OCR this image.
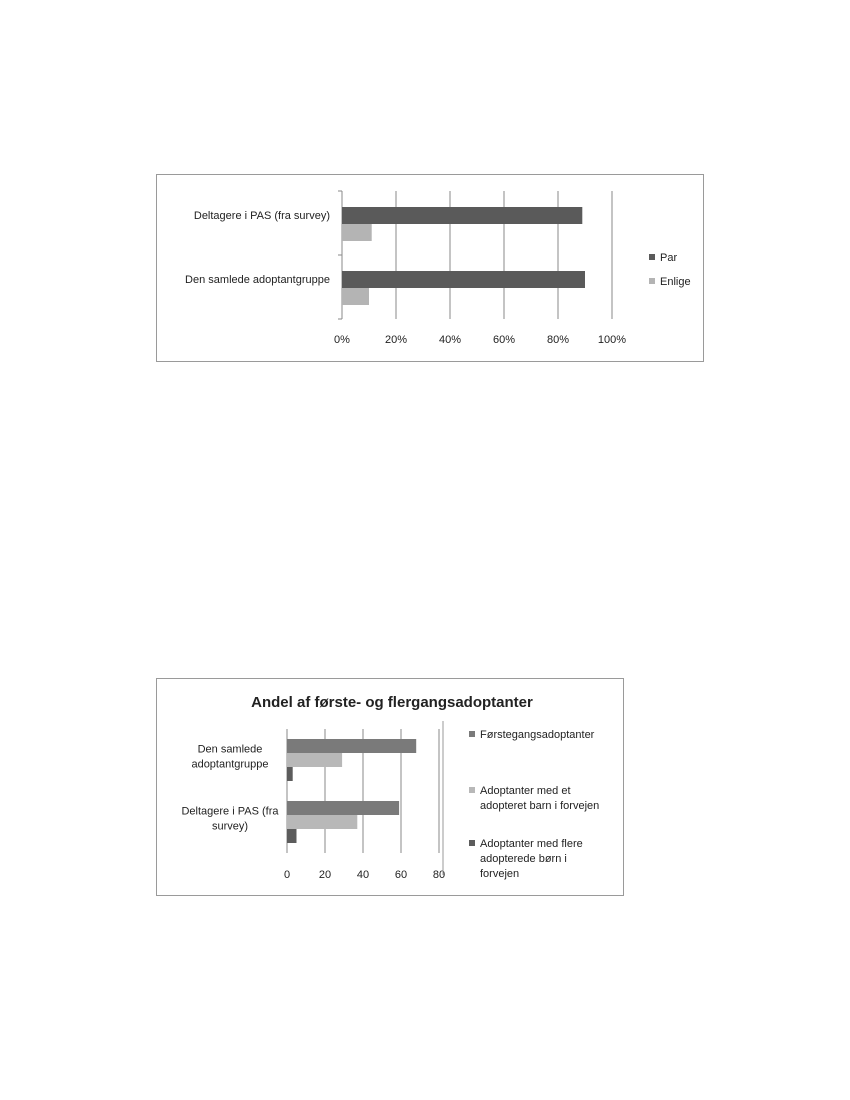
0%	20%	40%	60%	80%	100%
Deltagere i PAS (fra survey)
Den samlede adoptantgruppe
Par
Enlige
Andel af første- og flergangsadoptanter
0	20 40 60 80
Den samlede
adoptantgruppe
Deltagere i PAS (fra
survey)
Førstegangsadoptanter
Adoptanter med et
adopteret barn i forvejen
Adoptanter med flere
adopterede børn i
forvejen
